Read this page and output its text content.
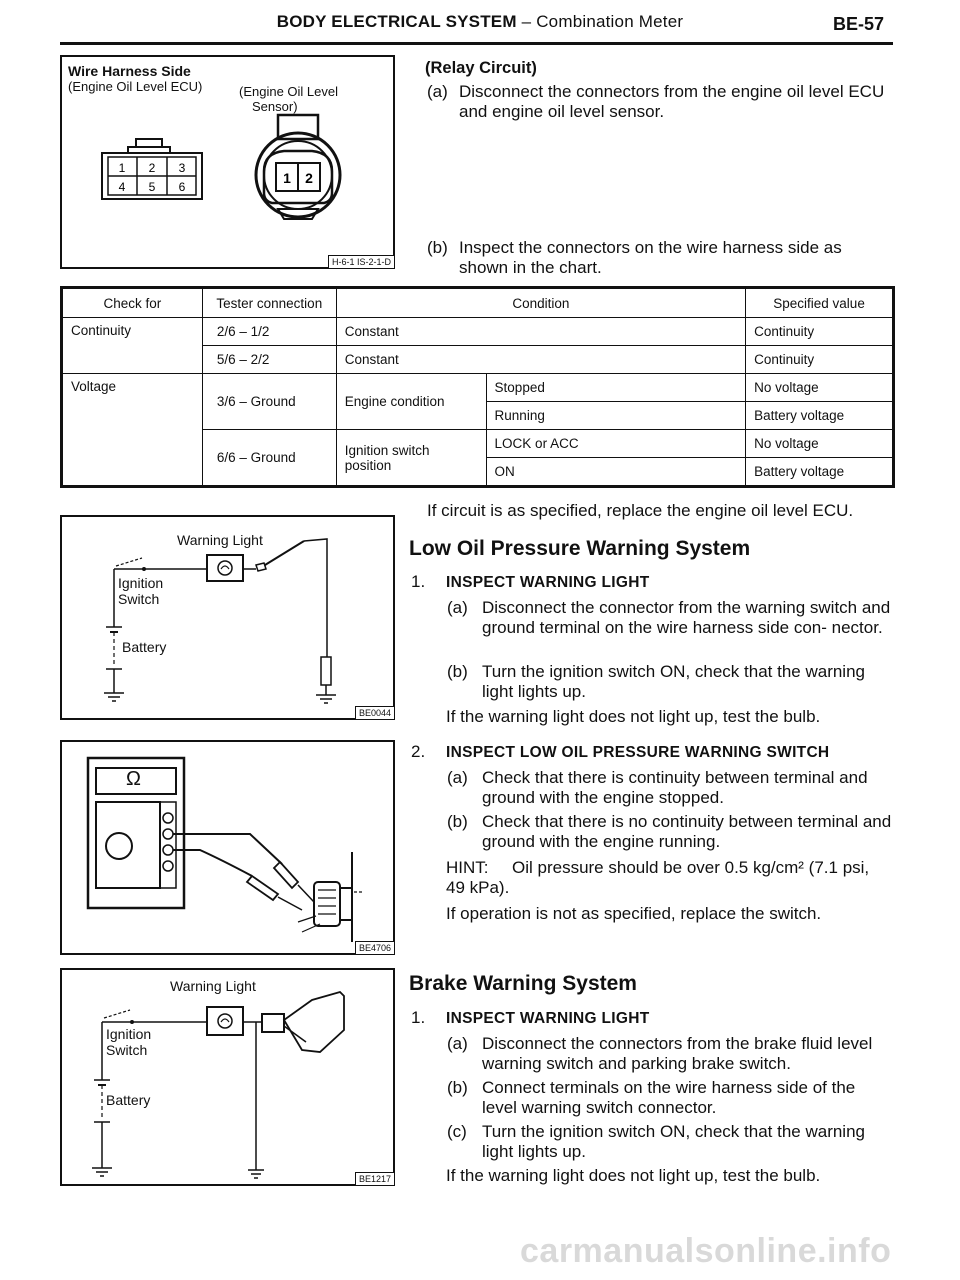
BODY ELECTRICAL SYSTEM – Combination Meter	BE-57
Wire Harness Side
(Engine Oil Level ECU)	(Engine Oil Level
Sensor)
1 2 3
4 5 6
1 2
H-6-1 IS-2-1-D
(Relay Circuit)
(a) Disconnect the connectors from the engine oil level ECU and engine oil level sensor.
(b) Inspect the connectors on the wire harness side as shown in the chart.
Check for	Tester connection	Condition		Specified value
Continuity	2/6 – 1/2	Constant		Continuity
	5/6 – 2/2	Constant		Continuity
Voltage	3/6 – Ground	Engine condition	Stopped	No voltage
			Running	Battery voltage
	6/6 – Ground	Ignition switch
position	LOCK or ACC	No voltage
			ON	Battery voltage
If circuit is as specified, replace the engine oil level ECU.
Warning Light
Ignition
Switch
Battery
BE0044
Low Oil Pressure Warning System
1. INSPECT WARNING LIGHT
(a) Disconnect the connector from the warning switch and ground terminal on the wire harness side con- nector.
(b) Turn the ignition switch ON, check that the warning light lights up.
If the warning light does not light up, test the bulb.
2. INSPECT LOW OIL PRESSURE WARNING SWITCH
(a) Check that there is continuity between terminal and ground with the engine stopped.
(b) Check that there is no continuity between terminal and ground with the engine running.
HINT:	Oil pressure should be over 0.5 kg/cm² (7.1 psi, 49 kPa).
If operation is not as specified, replace the switch.
Ω
BE4706
Warning Light
Ignition
Switch
Battery
BE1217
Brake Warning System
1. INSPECT WARNING LIGHT
(a) Disconnect the connectors from the brake fluid level warning switch and parking brake switch.
(b) Connect terminals on the wire harness side of the level warning switch connector.
(c) Turn the ignition switch ON, check that the warning light lights up.
If the warning light does not light up, test the bulb.
carmanualsonline.info
